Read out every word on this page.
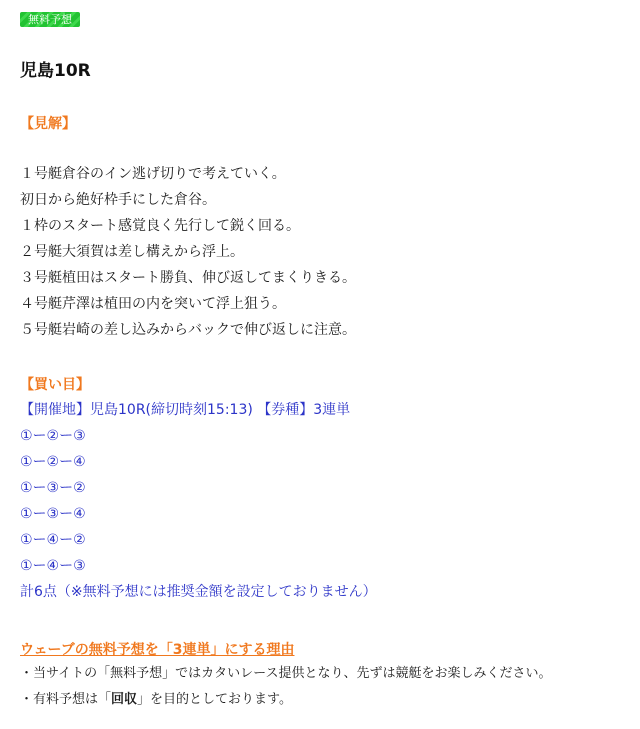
無料予想
児島10R
【見解】
１号艇倉谷のイン逃げ切りで考えていく。
初日から絶好枠手にした倉谷。
１枠のスタート感覚良く先行して鋭く回る。
２号艇大須賀は差し構えから浮上。
３号艇植田はスタート勝負、伸び返してまくりきる。
４号艇芹澤は植田の内を突いて浮上狙う。
５号艇岩崎の差し込みからバックで伸び返しに注意。
【買い目】
【開催地】児島10R(締切時刻15:13) 【券種】3連単
①ー②ー③
①ー②ー④
①ー③ー②
①ー③ー④
①ー④ー②
①ー④ー③
計6点（※無料予想には推奨金額を設定しておりません）
ウェーブの無料予想を「3連単」にする理由
・当サイトの「無料予想」ではカタいレース提供となり、先ずは競艇をお楽しみください。
・有料予想は「回収」を目的としております。
